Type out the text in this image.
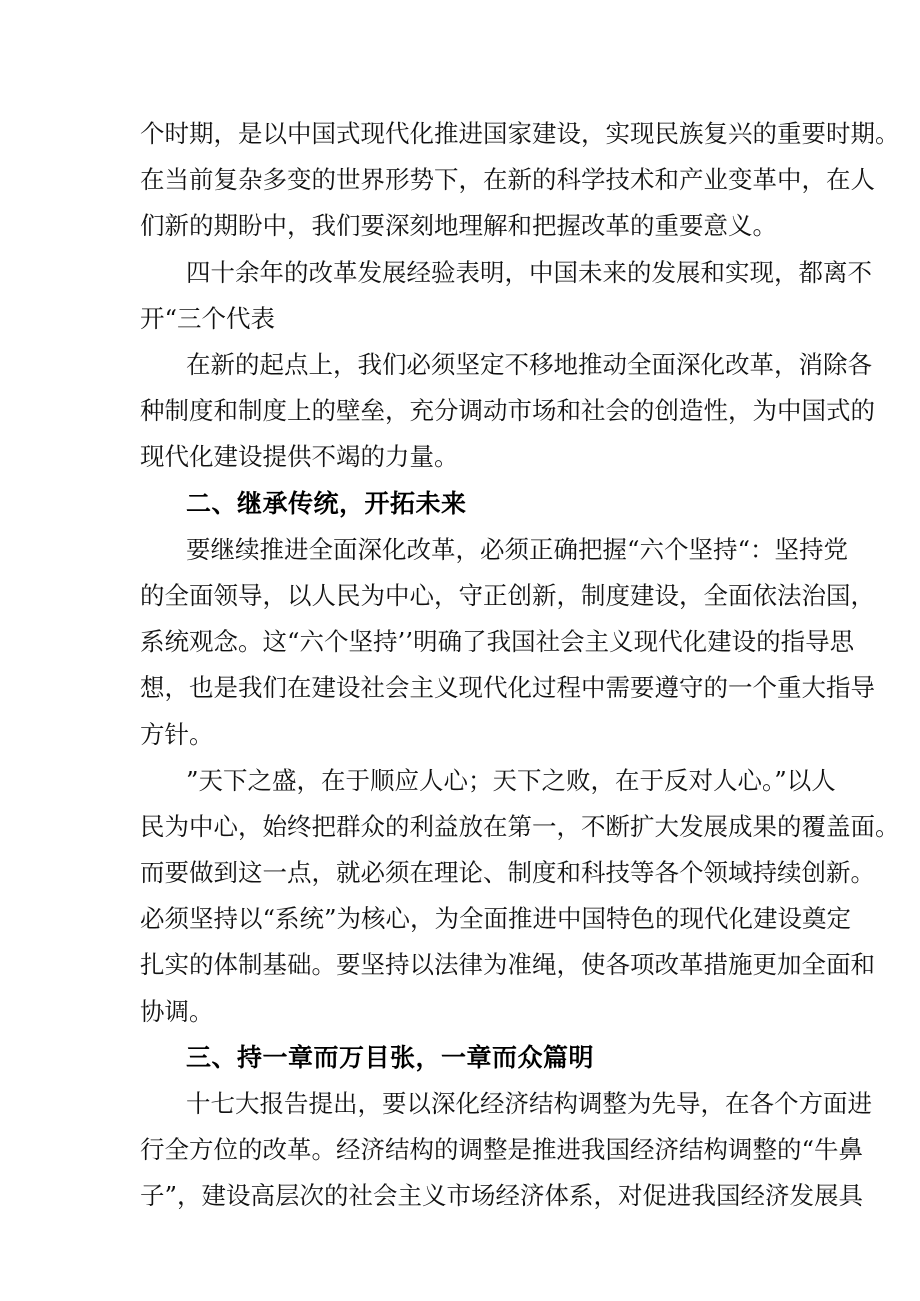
个时期，是以中国式现代化推进国家建设，实现民族复兴的重要时期。
在当前复杂多变的世界形势下，在新的科学技术和产业变革中，在人
们新的期盼中，我们要深刻地理解和把握改革的重要意义。
四十余年的改革发展经验表明，中国未来的发展和实现，都离不
开“三个代表
在新的起点上，我们必须坚定不移地推动全面深化改革，消除各
种制度和制度上的壁垒，充分调动市场和社会的创造性，为中国式的
现代化建设提供不竭的力量。
二、继承传统，开拓未来
要继续推进全面深化改革，必须正确把握“六个坚持“：坚持党
的全面领导，以人民为中心，守正创新，制度建设，全面依法治国，
系统观念。这“六个坚持’’明确了我国社会主义现代化建设的指导思
想，也是我们在建设社会主义现代化过程中需要遵守的一个重大指导
方针。
”天下之盛，在于顺应人心；天下之败，在于反对人心。”以人
民为中心，始终把群众的利益放在第一，不断扩大发展成果的覆盖面。
而要做到这一点，就必须在理论、制度和科技等各个领域持续创新。
必须坚持以“系统”为核心，为全面推进中国特色的现代化建设奠定
扎实的体制基础。要坚持以法律为准绳，使各项改革措施更加全面和
协调。
三、持一章而万目张，一章而众篇明
十七大报告提出，要以深化经济结构调整为先导，在各个方面进
行全方位的改革。经济结构的调整是推进我国经济结构调整的“牛鼻
子”，建设高层次的社会主义市场经济体系，对促进我国经济发展具
